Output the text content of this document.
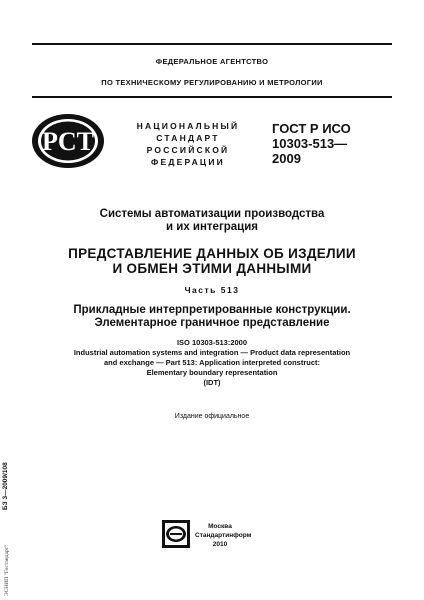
ФЕДЕРАЛЬНОЕ АГЕНТСТВО
ПО ТЕХНИЧЕСКОМУ РЕГУЛИРОВАНИЮ И МЕТРОЛОГИИ
PCT
НАЦИОНАЛЬНЫЙ
СТАНДАРТ
РОССИЙСКОЙ
ФЕДЕРАЦИИ
ГОСТ Р ИСО
10303-513—
2009
Системы автоматизации производства
и их интеграция
ПРЕДСТАВЛЕНИЕ ДАННЫХ ОБ ИЗДЕЛИИ
И ОБМЕН ЭТИМИ ДАННЫМИ
Часть 513
Прикладные интерпретированные конструкции.
Элементарное граничное представление
ISO 10303-513:2000
Industrial automation systems and integration — Product data representation
and exchange — Part 513: Application interpreted construct:
Elementary boundary representation
(IDT)
Издание официальное
БЗ 3—2009/108
ЭСНИП "Гостандарт"
Москва
Стандартинформ
2010
